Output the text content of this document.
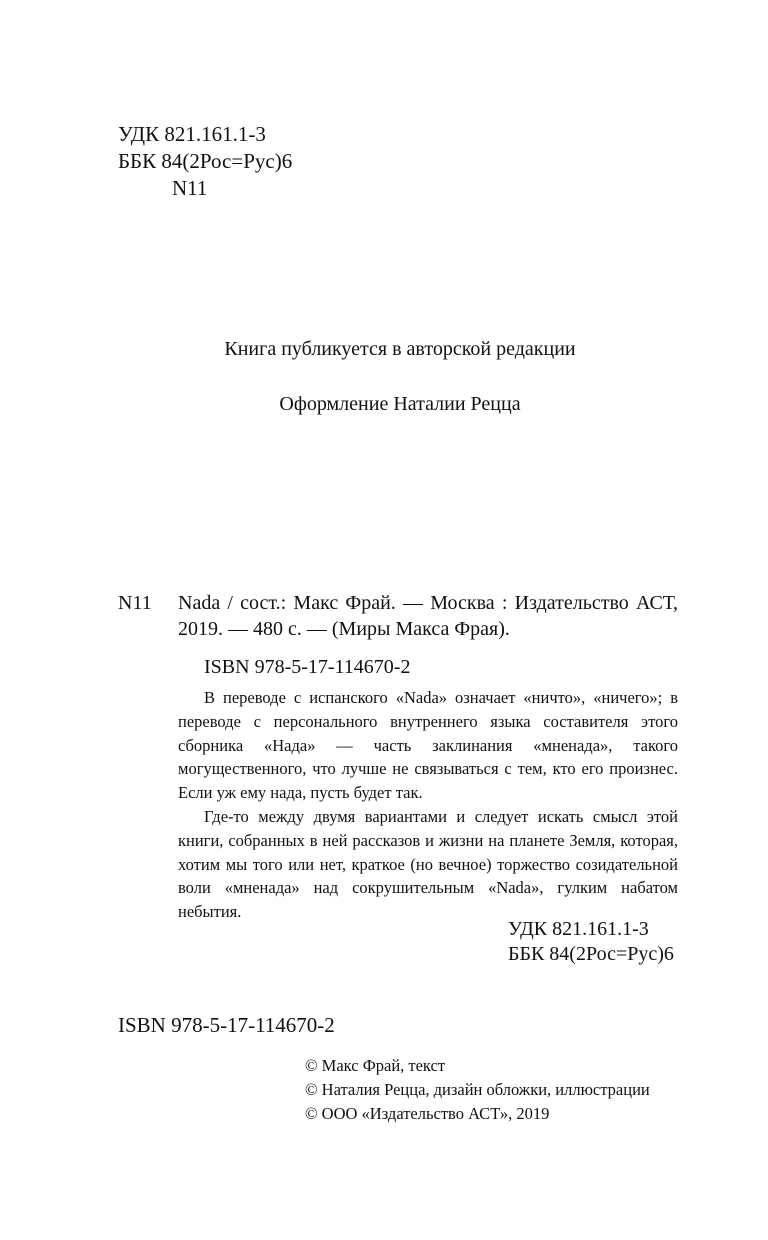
УДК 821.161.1-3
ББК 84(2Рос=Рус)6
N11
Книга публикуется в авторской редакции
Оформление Наталии Рецца
N11 Nada / сост.: Макс Фрай. — Москва : Издательство АСТ, 2019. — 480 с. — (Миры Макса Фрая).
ISBN 978-5-17-114670-2

В переводе с испанского «Nada» означает «ничто», «ничего»; в переводе с персонального внутреннего языка составителя этого сборника «Нада» — часть заклинания «мненада», такого могущественного, что лучше не связываться с тем, кто его произнес. Если уж ему нада, пусть будет так.

Где-то между двумя вариантами и следует искать смысл этой книги, собранных в ней рассказов и жизни на планете Земля, которая, хотим мы того или нет, краткое (но вечное) торжество созидательной воли «мненада» над сокрушительным «Nada», гулким набатом небытия.

УДК 821.161.1-3
ББК 84(2Рос=Рус)6
ISBN 978-5-17-114670-2
© Макс Фрай, текст
© Наталия Рецца, дизайн обложки, иллюстрации
© ООО «Издательство АСТ», 2019
